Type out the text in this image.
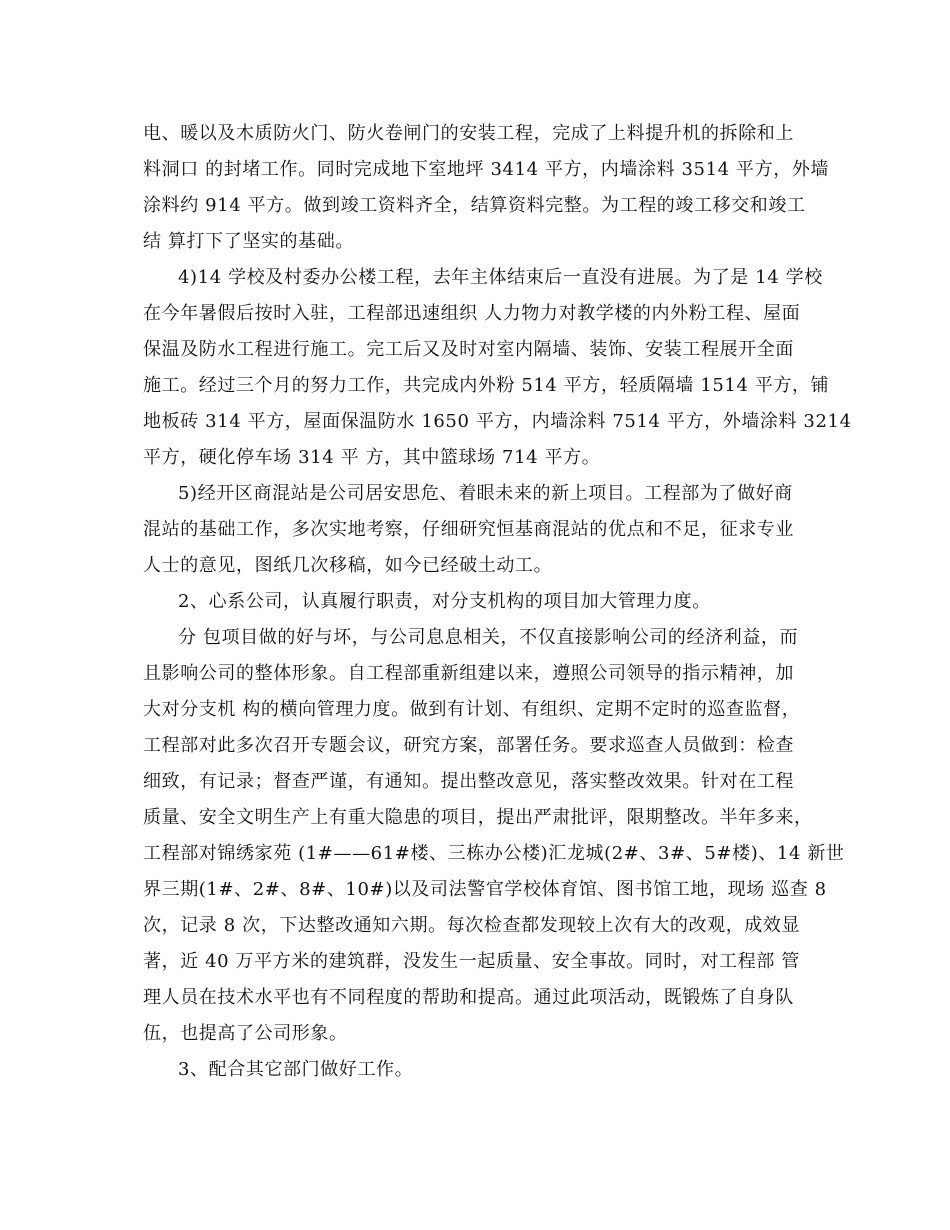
电、暖以及木质防火门、防火卷闸门的安装工程，完成了上料提升机的拆除和上
料洞口 的封堵工作。同时完成地下室地坪 3414 平方，内墙涂料 3514 平方，外墙
涂料约 914 平方。做到竣工资料齐全，结算资料完整。为工程的竣工移交和竣工
结 算打下了坚实的基础。
4)14 学校及村委办公楼工程，去年主体结束后一直没有进展。为了是 14 学校
在今年暑假后按时入驻，工程部迅速组织 人力物力对教学楼的内外粉工程、屋面
保温及防水工程进行施工。完工后又及时对室内隔墙、装饰、安装工程展开全面
施工。经过三个月的努力工作，共完成内外粉 514 平方，轻质隔墙 1514 平方，铺
地板砖 314 平方，屋面保温防水 1650 平方，内墙涂料 7514 平方，外墙涂料 3214
平方，硬化停车场 314 平 方，其中篮球场 714 平方。
5)经开区商混站是公司居安思危、着眼未来的新上项目。工程部为了做好商
混站的基础工作，多次实地考察，仔细研究恒基商混站的优点和不足，征求专业
人士的意见，图纸几次移稿，如今已经破土动工。
2、心系公司，认真履行职责，对分支机构的项目加大管理力度。
分 包项目做的好与坏，与公司息息相关，不仅直接影响公司的经济利益，而
且影响公司的整体形象。自工程部重新组建以来，遵照公司领导的指示精神，加
大对分支机 构的横向管理力度。做到有计划、有组织、定期不定时的巡查监督，
工程部对此多次召开专题会议，研究方案，部署任务。要求巡查人员做到：检查
细致，有记录；督查严谨，有通知。提出整改意见，落实整改效果。针对在工程
质量、安全文明生产上有重大隐患的项目，提出严肃批评，限期整改。半年多来，
工程部对锦绣家苑 (1#——61#楼、三栋办公楼)汇龙城(2#、3#、5#楼)、14 新世
界三期(1#、2#、8#、10#)以及司法警官学校体育馆、图书馆工地，现场 巡查 8
次，记录 8 次，下达整改通知六期。每次检查都发现较上次有大的改观，成效显
著，近 40 万平方米的建筑群，没发生一起质量、安全事故。同时，对工程部 管
理人员在技术水平也有不同程度的帮助和提高。通过此项活动，既锻炼了自身队
伍，也提高了公司形象。
3、配合其它部门做好工作。
